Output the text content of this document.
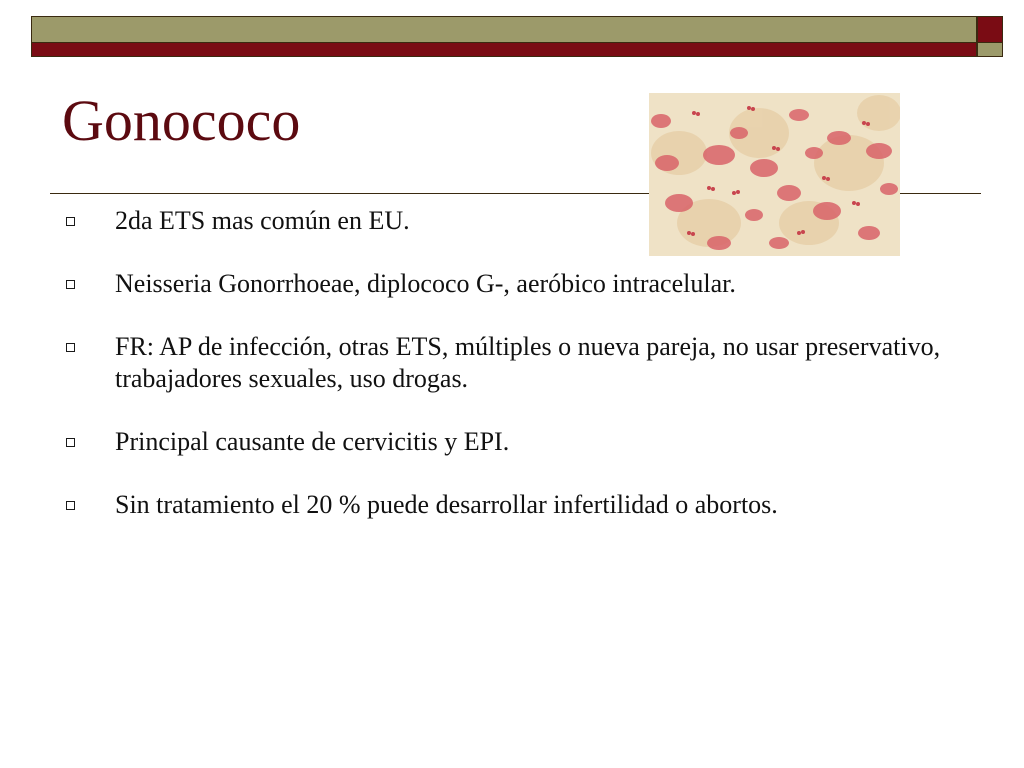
Gonococo
2da ETS mas común en EU.
Neisseria Gonorrhoeae, diplococo G-, aeróbico intracelular.
FR: AP de infección, otras ETS, múltiples o nueva pareja, no usar preservativo, trabajadores sexuales, uso drogas.
Principal causante de cervicitis y EPI.
Sin tratamiento el 20 % puede desarrollar infertilidad o abortos.
